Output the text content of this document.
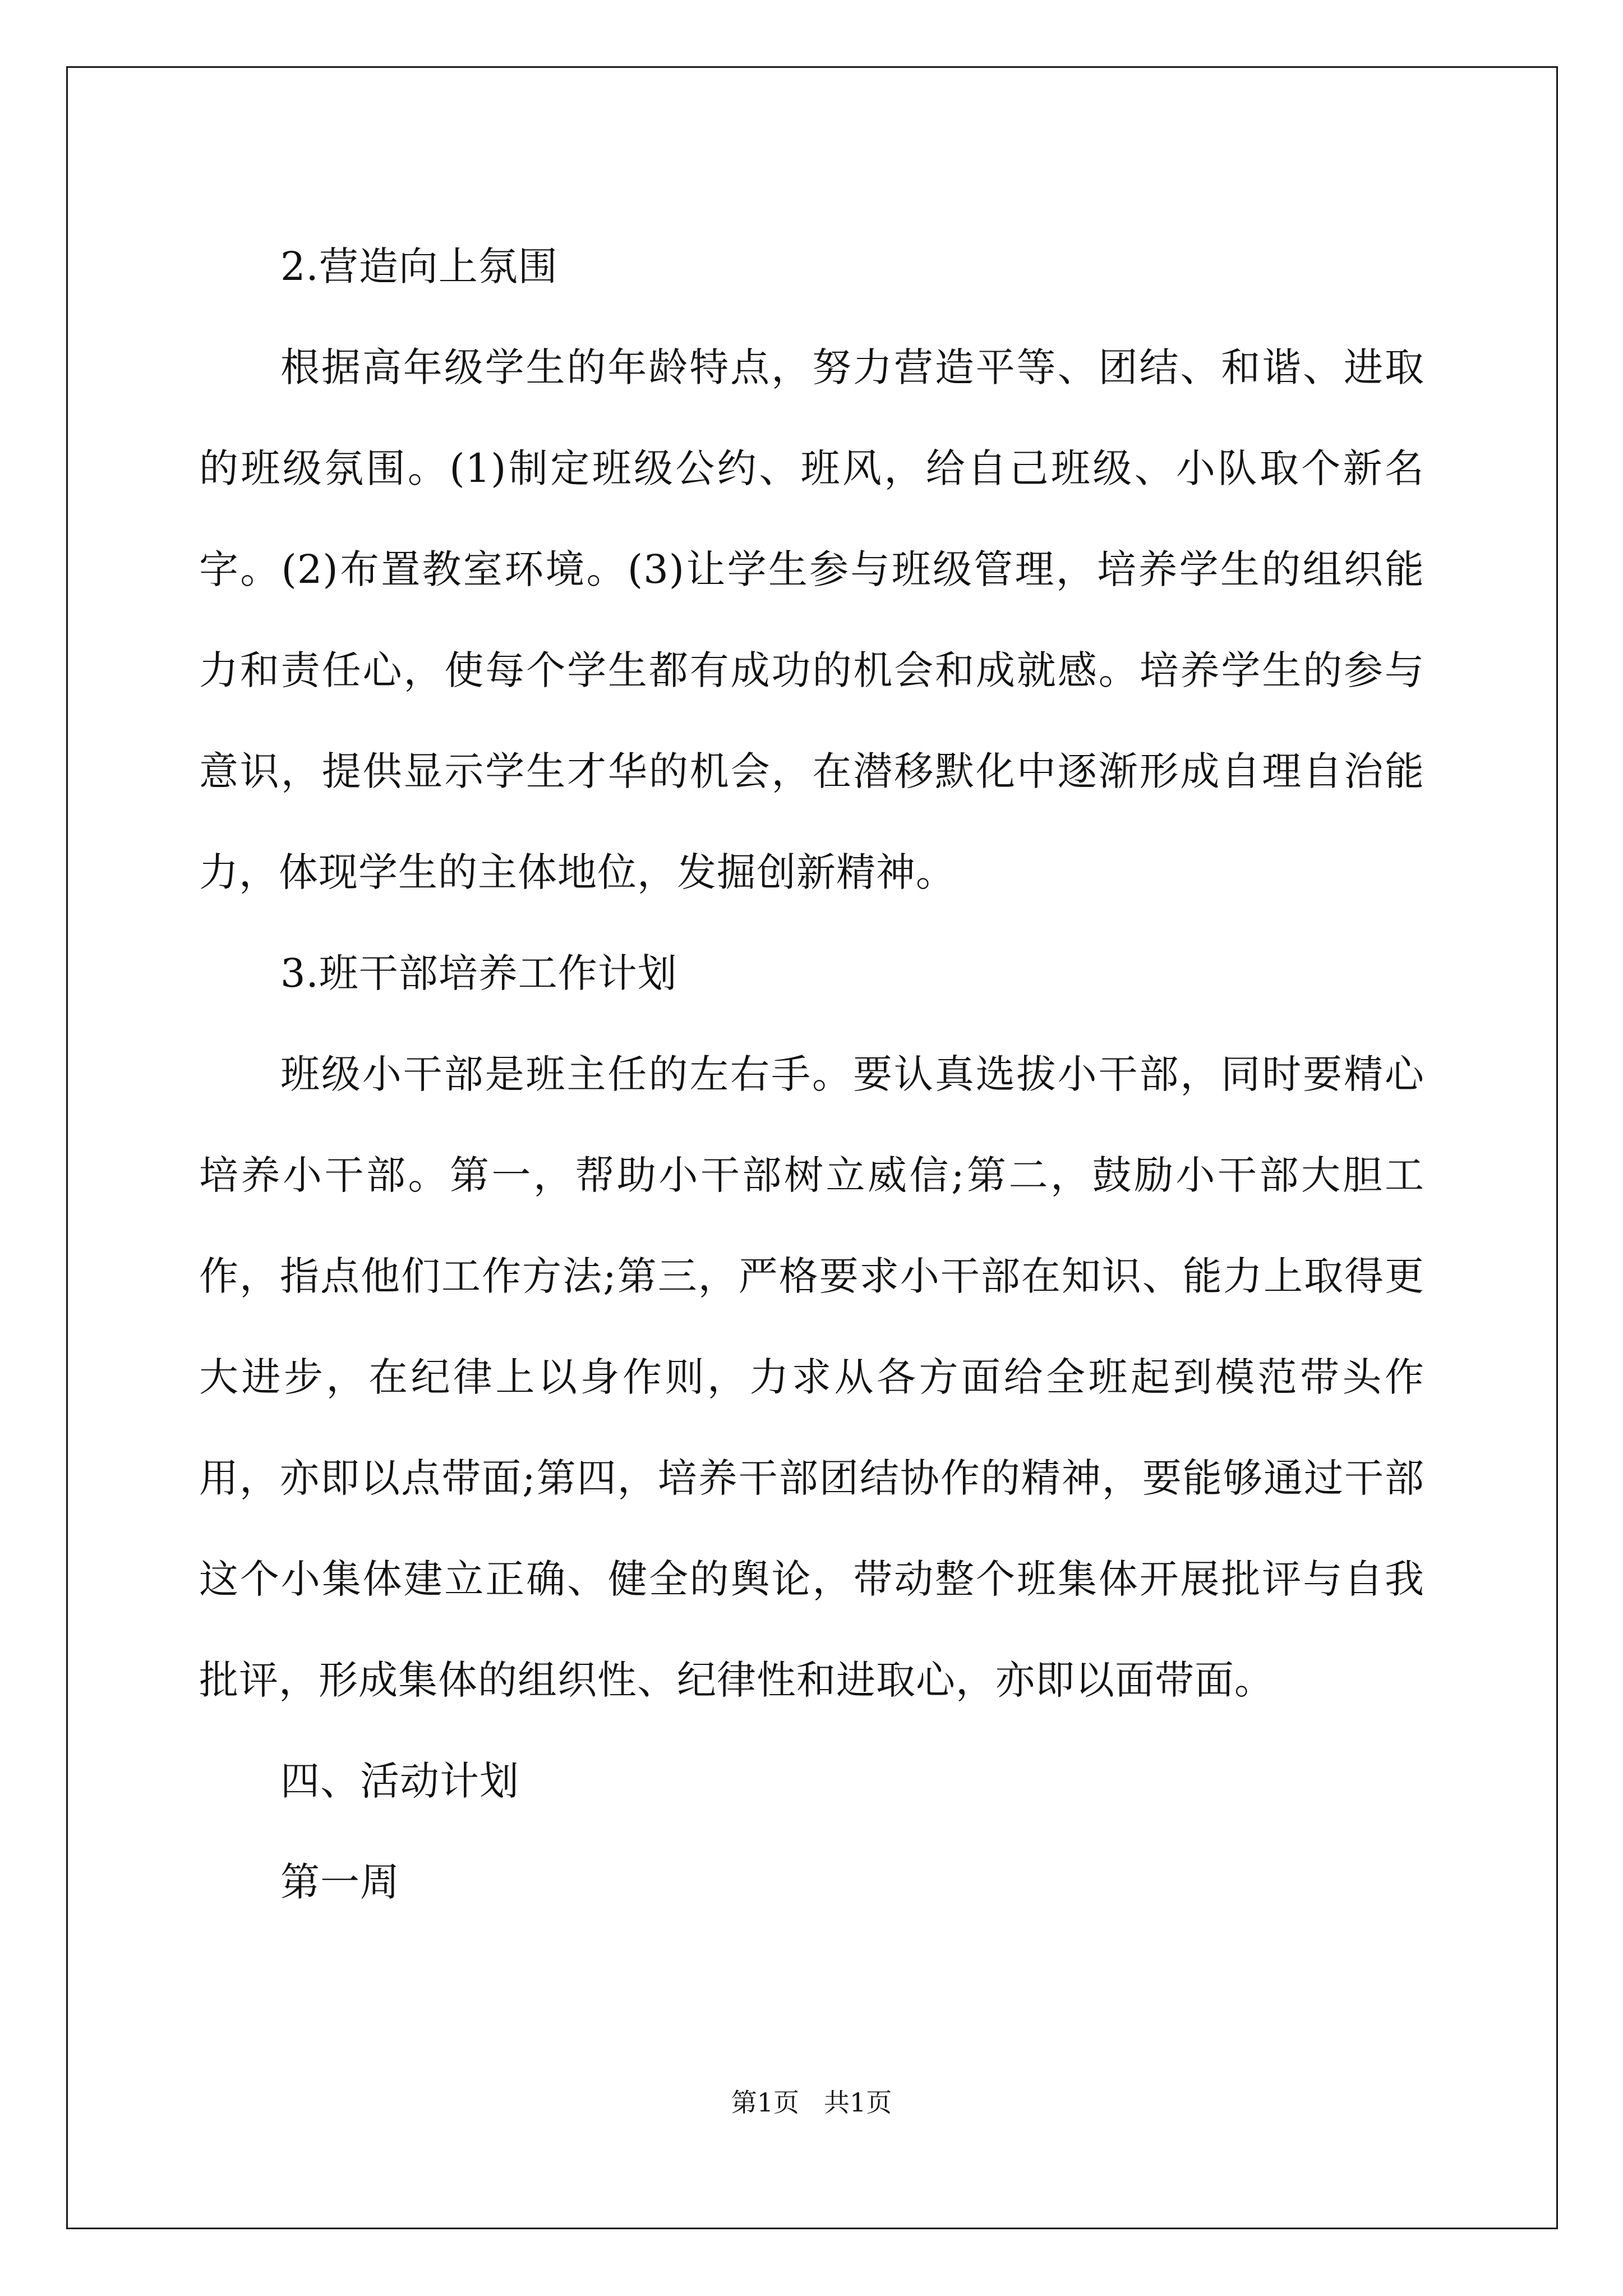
2.营造向上氛围

根据高年级学生的年龄特点，努力营造平等、团结、和谐、进取的班级氛围。(1)制定班级公约、班风，给自己班级、小队取个新名字。(2)布置教室环境。(3)让学生参与班级管理，培养学生的组织能力和责任心，使每个学生都有成功的机会和成就感。培养学生的参与意识，提供显示学生才华的机会，在潜移默化中逐渐形成自理自治能力，体现学生的主体地位，发掘创新精神。

3.班干部培养工作计划

班级小干部是班主任的左右手。要认真选拔小干部，同时要精心培养小干部。第一，帮助小干部树立威信;第二，鼓励小干部大胆工作，指点他们工作方法;第三，严格要求小干部在知识、能力上取得更大进步，在纪律上以身作则，力求从各方面给全班起到模范带头作用，亦即以点带面;第四，培养干部团结协作的精神，要能够通过干部这个小集体建立正确、健全的舆论，带动整个班集体开展批评与自我批评，形成集体的组织性、纪律性和进取心，亦即以面带面。

四、活动计划

第一周

第1页 共1页
